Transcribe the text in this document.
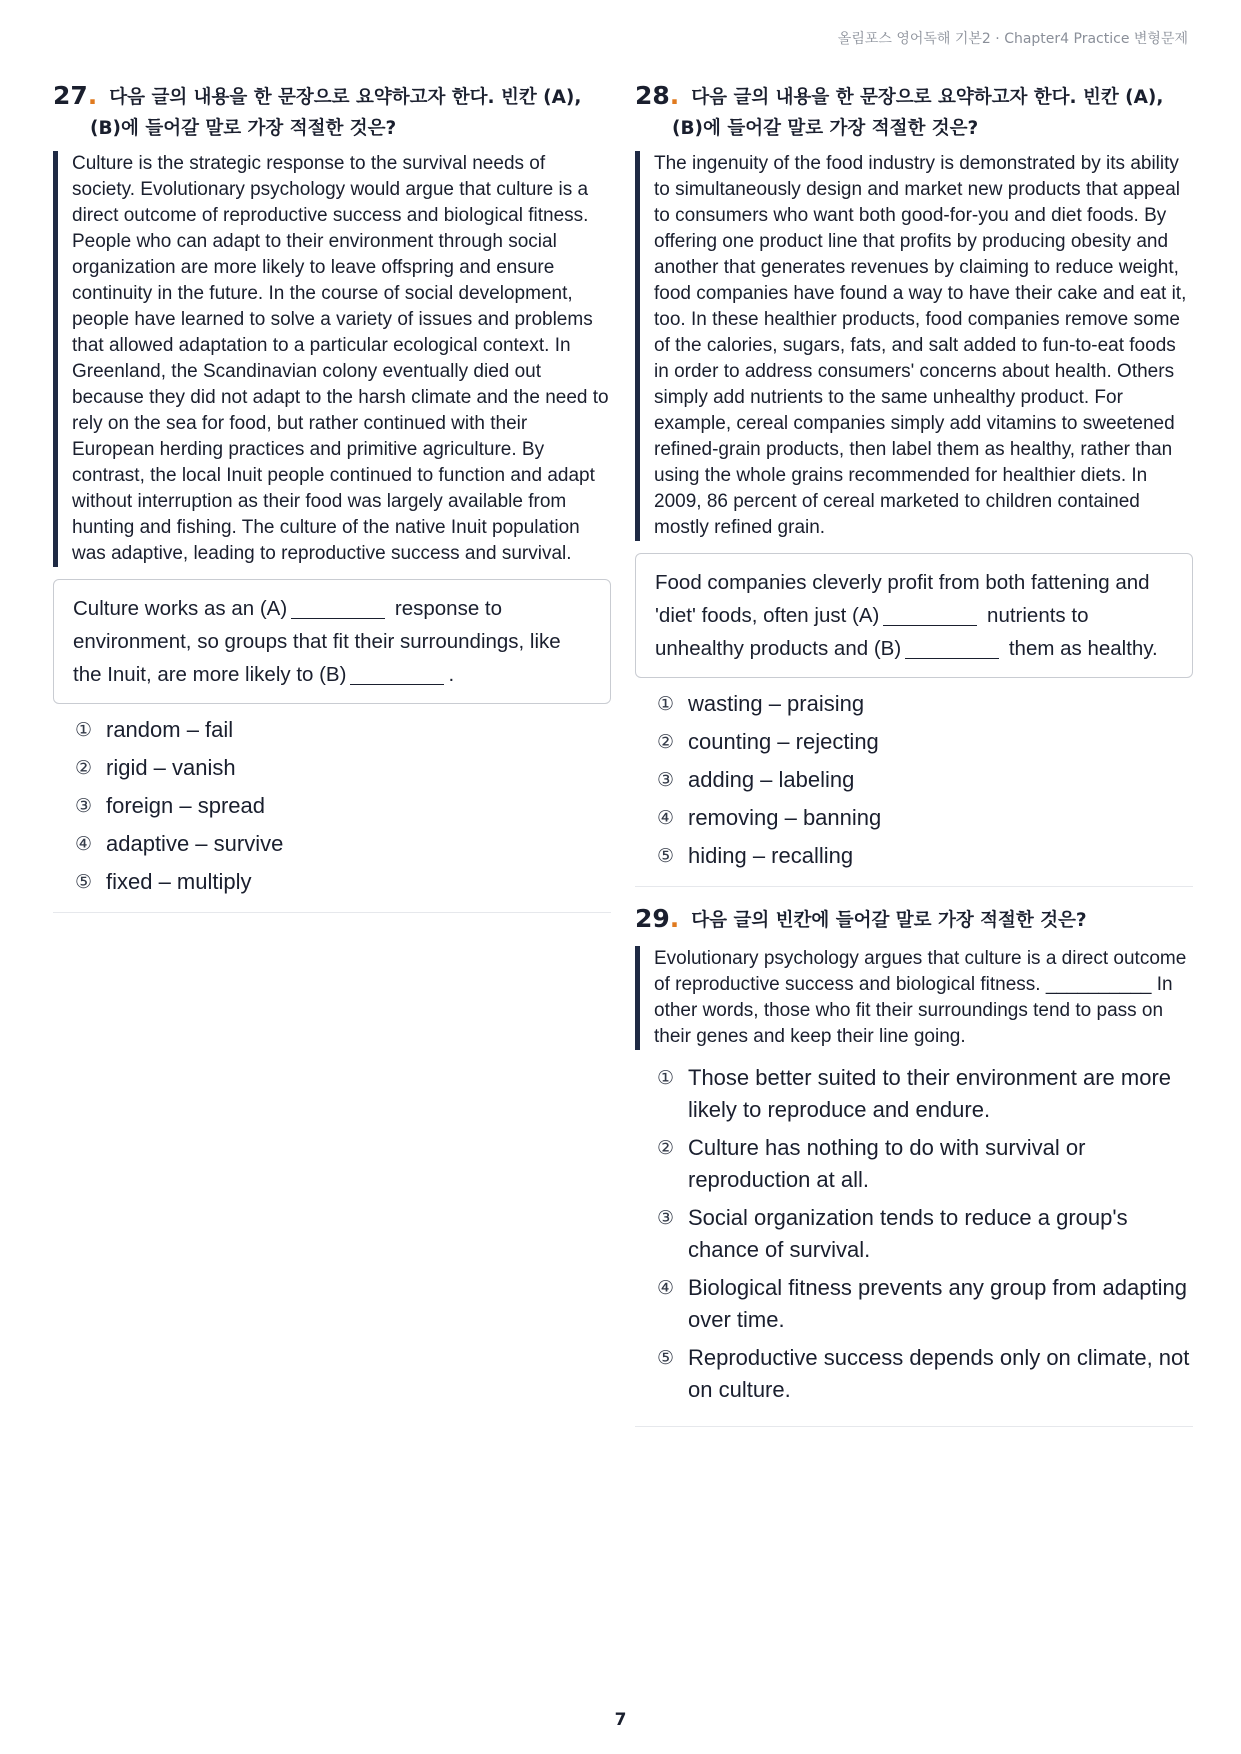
올림포스 영어독해 기본2 · Chapter4 Practice 변형문제
27. 다음 글의 내용을 한 문장으로 요약하고자 한다. 빈칸 (A),
(B)에 들어갈 말로 가장 적절한 것은?
Culture is the strategic response to the survival needs of society. Evolutionary psychology would argue that culture is a direct outcome of reproductive success and biological fitness. People who can adapt to their environment through social organization are more likely to leave offspring and ensure continuity in the future. In the course of social development, people have learned to solve a variety of issues and problems that allowed adaptation to a particular ecological context. In Greenland, the Scandinavian colony eventually died out because they did not adapt to the harsh climate and the need to rely on the sea for food, but rather continued with their European herding practices and primitive agriculture. By contrast, the local Inuit people continued to function and adapt without interruption as their food was largely available from hunting and fishing. The culture of the native Inuit population was adaptive, leading to reproductive success and survival.
Culture works as an (A)	response to environment, so groups that fit their surroundings, like the Inuit, are more likely to (B)	.
① random – fail
② rigid – vanish
③ foreign – spread
④ adaptive – survive
⑤ fixed – multiply
28. 다음 글의 내용을 한 문장으로 요약하고자 한다. 빈칸 (A),
(B)에 들어갈 말로 가장 적절한 것은?
The ingenuity of the food industry is demonstrated by its ability to simultaneously design and market new products that appeal to consumers who want both good-for-you and diet foods. By offering one product line that profits by producing obesity and another that generates revenues by claiming to reduce weight, food companies have found a way to have their cake and eat it, too. In these healthier products, food companies remove some of the calories, sugars, fats, and salt added to fun-to-eat foods in order to address consumers' concerns about health. Others simply add nutrients to the same unhealthy product. For example, cereal companies simply add vitamins to sweetened refined-grain products, then label them as healthy, rather than using the whole grains recommended for healthier diets. In 2009, 86 percent of cereal marketed to children contained mostly refined grain.
Food companies cleverly profit from both fattening and 'diet' foods, often just (A)	nutrients to unhealthy products and (B)	them as healthy.
① wasting – praising
② counting – rejecting
③ adding – labeling
④ removing – banning
⑤ hiding – recalling
29. 다음 글의 빈칸에 들어갈 말로 가장 적절한 것은?
Evolutionary psychology argues that culture is a direct outcome of reproductive success and biological fitness. __________ In other words, those who fit their surroundings tend to pass on their genes and keep their line going.
① Those better suited to their environment are more likely to reproduce and endure.
② Culture has nothing to do with survival or reproduction at all.
③ Social organization tends to reduce a group's chance of survival.
④ Biological fitness prevents any group from adapting over time.
⑤ Reproductive success depends only on climate, not on culture.
7
